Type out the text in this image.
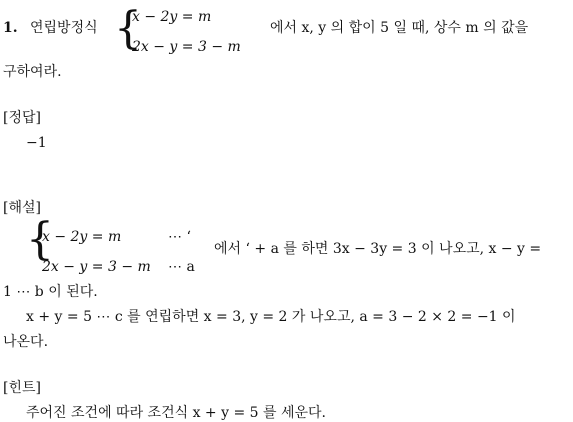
1. 연립방정식 {
x − 2y = m
2x − y = 3 − m
에서 x, y 의 합이 5 일 때, 상수 m 의 값을
구하여라.
[정답]
−1
[해설]
{
x − 2y = m	⋯ ‘
2x − y = 3 − m ⋯ a
에서 ‘ + a 를 하면 3x − 3y = 3 이 나오고, x − y =
1 ⋯ b 이 된다.
x + y = 5 ⋯ c 를 연립하면 x = 3, y = 2 가 나오고, a = 3 − 2 × 2 = −1 이
나온다.
[힌트]
주어진 조건에 따라 조건식 x + y = 5 를 세운다.
